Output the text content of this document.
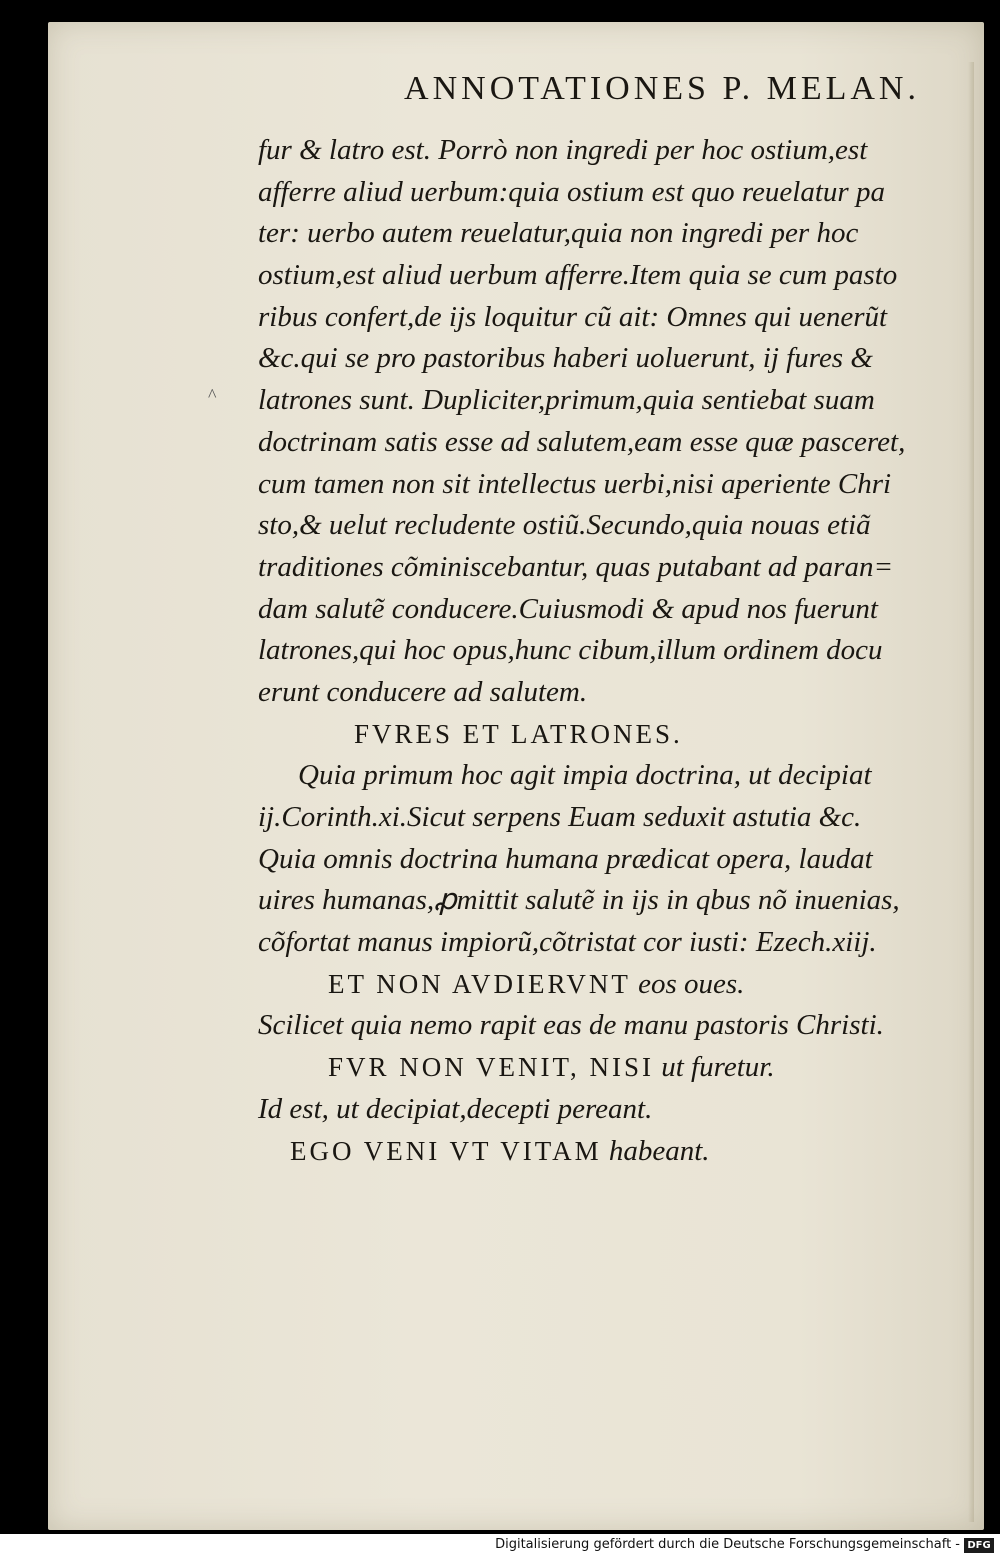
ANNOTATIONES P. MELAN.
^
fur & latro est. Porrò non ingredi per hoc ostium,est
afferre aliud uerbum:quia ostium est quo reuelatur pa
ter: uerbo autem reuelatur,quia non ingredi per hoc
ostium,est aliud uerbum afferre.Item quia se cum pasto
ribus confert,de ijs loquitur cũ ait: Omnes qui uenerũt
&c.qui se pro pastoribus haberi uoluerunt, ij fures &
latrones sunt. Dupliciter,primum,quia sentiebat suam
doctrinam satis esse ad salutem,eam esse quæ pasceret,
cum tamen non sit intellectus uerbi,nisi aperiente Chri
sto,& uelut recludente ostiũ.Secundo,quia nouas etiã
traditiones cõminiscebantur, quas putabant ad paran=
dam salutẽ conducere.Cuiusmodi & apud nos fuerunt
latrones,qui hoc opus,hunc cibum,illum ordinem docu
erunt conducere ad salutem.
FVRES ET LATRONES.
Quia primum hoc agit impia doctrina, ut decipiat
ij.Corinth.xi.Sicut serpens Euam seduxit astutia &c.
Quia omnis doctrina humana prædicat opera, laudat
uires humanas,ꝓmittit salutẽ in ijs in qbus nõ inuenias,
cõfortat manus impiorũ,cõtristat cor iusti: Ezech.xiij.
ET NON AVDIERVNT eos oues.
Scilicet quia nemo rapit eas de manu pastoris Christi.
FVR NON VENIT, NISI ut furetur.
Id est, ut decipiat,decepti pereant.
EGO VENI VT VITAM habeant.
Digitalisierung gefördert durch die Deutsche Forschungsgemeinschaft - DFG
